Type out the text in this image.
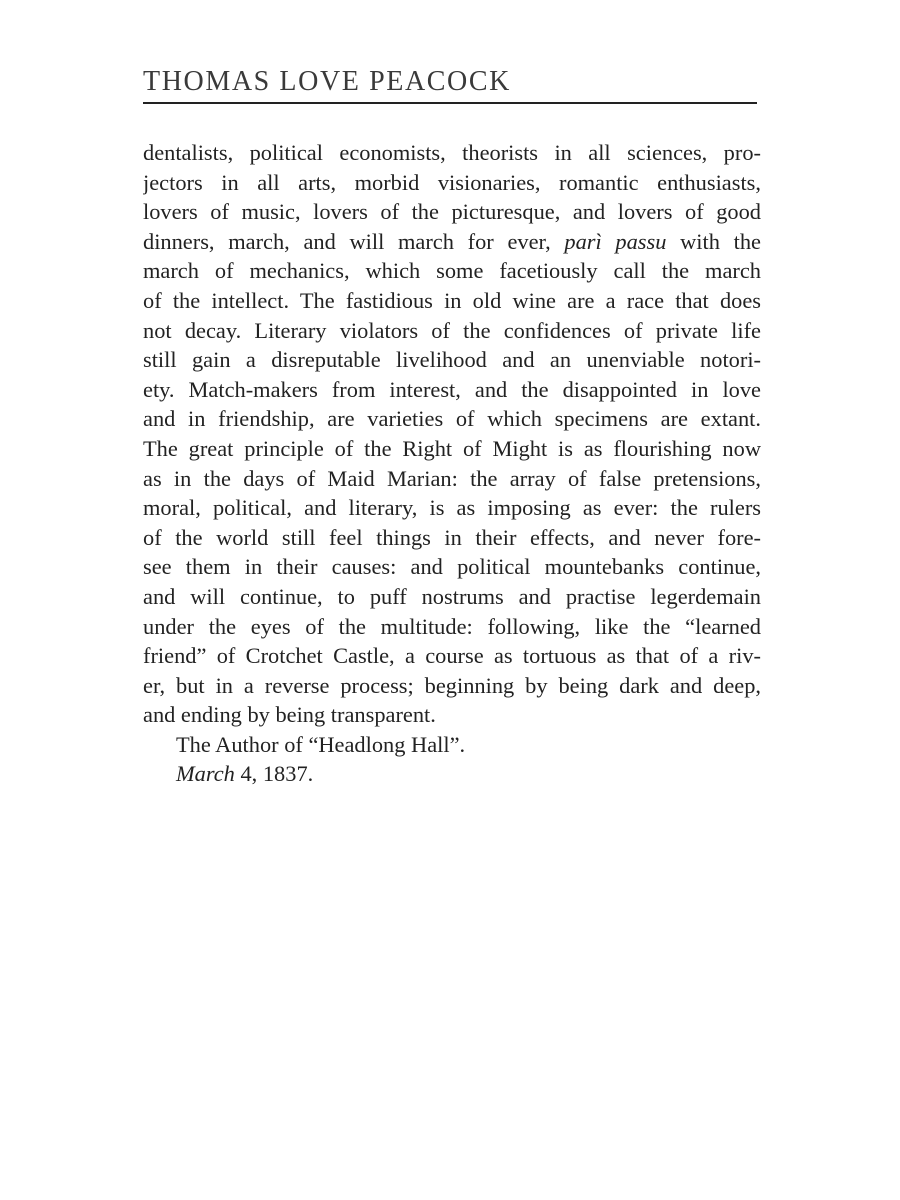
THOMAS LOVE PEACOCK
dentalists, political economists, theorists in all sciences, pro-
jectors in all arts, morbid visionaries, romantic enthusiasts,
lovers of music, lovers of the picturesque, and lovers of good
dinners, march, and will march for ever, parì passu with the
march of mechanics, which some facetiously call the march
of the intellect. The fastidious in old wine are a race that does
not decay. Literary violators of the confidences of private life
still gain a disreputable livelihood and an unenviable notori-
ety. Match-makers from interest, and the disappointed in love
and in friendship, are varieties of which specimens are extant.
The great principle of the Right of Might is as flourishing now
as in the days of Maid Marian: the array of false pretensions,
moral, political, and literary, is as imposing as ever: the rulers
of the world still feel things in their effects, and never fore-
see them in their causes: and political mountebanks continue,
and will continue, to puff nostrums and practise legerdemain
under the eyes of the multitude: following, like the “learned
friend” of Crotchet Castle, a course as tortuous as that of a riv-
er, but in a reverse process; beginning by being dark and deep,
and ending by being transparent.
The Author of “Headlong Hall”.
March 4, 1837.
